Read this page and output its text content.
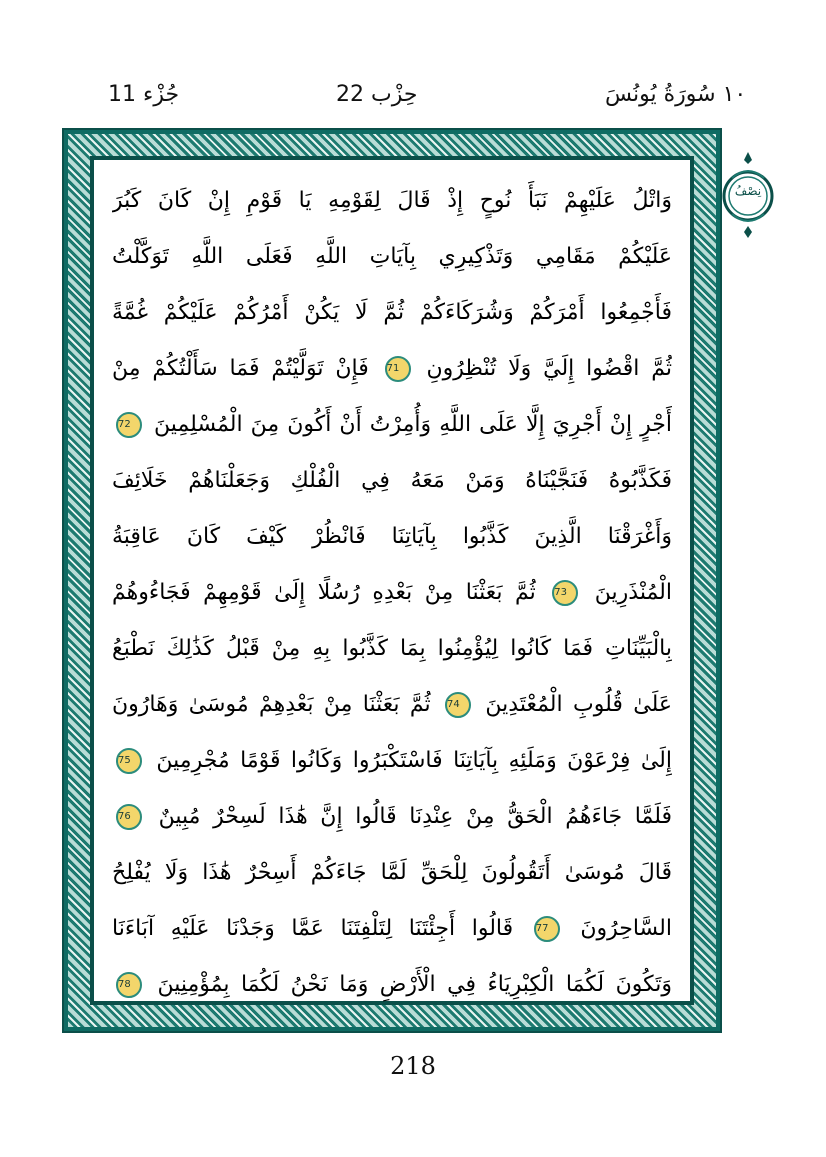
جُزْء 11	حِزْب 22	١٠ سُورَةُ يُونُسَ
نِصْفُ
وَاتْلُ عَلَيْهِمْ نَبَأَ نُوحٍ إِذْ قَالَ لِقَوْمِهِ يَا قَوْمِ إِنْ كَانَ كَبُرَ
عَلَيْكُمْ مَقَامِي وَتَذْكِيرِي بِآيَاتِ اللَّهِ فَعَلَى اللَّهِ تَوَكَّلْتُ
فَأَجْمِعُوا أَمْرَكُمْ وَشُرَكَاءَكُمْ ثُمَّ لَا يَكُنْ أَمْرُكُمْ عَلَيْكُمْ غُمَّةً
ثُمَّ اقْضُوا إِلَيَّ وَلَا تُنْظِرُونِ 71 فَإِنْ تَوَلَّيْتُمْ فَمَا سَأَلْتُكُمْ مِنْ
أَجْرٍ إِنْ أَجْرِيَ إِلَّا عَلَى اللَّهِ وَأُمِرْتُ أَنْ أَكُونَ مِنَ الْمُسْلِمِينَ 72
فَكَذَّبُوهُ فَنَجَّيْنَاهُ وَمَنْ مَعَهُ فِي الْفُلْكِ وَجَعَلْنَاهُمْ خَلَائِفَ
وَأَغْرَقْنَا الَّذِينَ كَذَّبُوا بِآيَاتِنَا فَانْظُرْ كَيْفَ كَانَ عَاقِبَةُ
الْمُنْذَرِينَ 73 ثُمَّ بَعَثْنَا مِنْ بَعْدِهِ رُسُلًا إِلَىٰ قَوْمِهِمْ فَجَاءُوهُمْ
بِالْبَيِّنَاتِ فَمَا كَانُوا لِيُؤْمِنُوا بِمَا كَذَّبُوا بِهِ مِنْ قَبْلُ كَذَٰلِكَ نَطْبَعُ
عَلَىٰ قُلُوبِ الْمُعْتَدِينَ 74 ثُمَّ بَعَثْنَا مِنْ بَعْدِهِمْ مُوسَىٰ وَهَارُونَ
إِلَىٰ فِرْعَوْنَ وَمَلَئِهِ بِآيَاتِنَا فَاسْتَكْبَرُوا وَكَانُوا قَوْمًا مُجْرِمِينَ 75
فَلَمَّا جَاءَهُمُ الْحَقُّ مِنْ عِنْدِنَا قَالُوا إِنَّ هَٰذَا لَسِحْرٌ مُبِينٌ 76
قَالَ مُوسَىٰ أَتَقُولُونَ لِلْحَقِّ لَمَّا جَاءَكُمْ أَسِحْرٌ هَٰذَا وَلَا يُفْلِحُ
السَّاحِرُونَ 77 قَالُوا أَجِئْتَنَا لِتَلْفِتَنَا عَمَّا وَجَدْنَا عَلَيْهِ آبَاءَنَا
وَتَكُونَ لَكُمَا الْكِبْرِيَاءُ فِي الْأَرْضِ وَمَا نَحْنُ لَكُمَا بِمُؤْمِنِينَ 78
218
